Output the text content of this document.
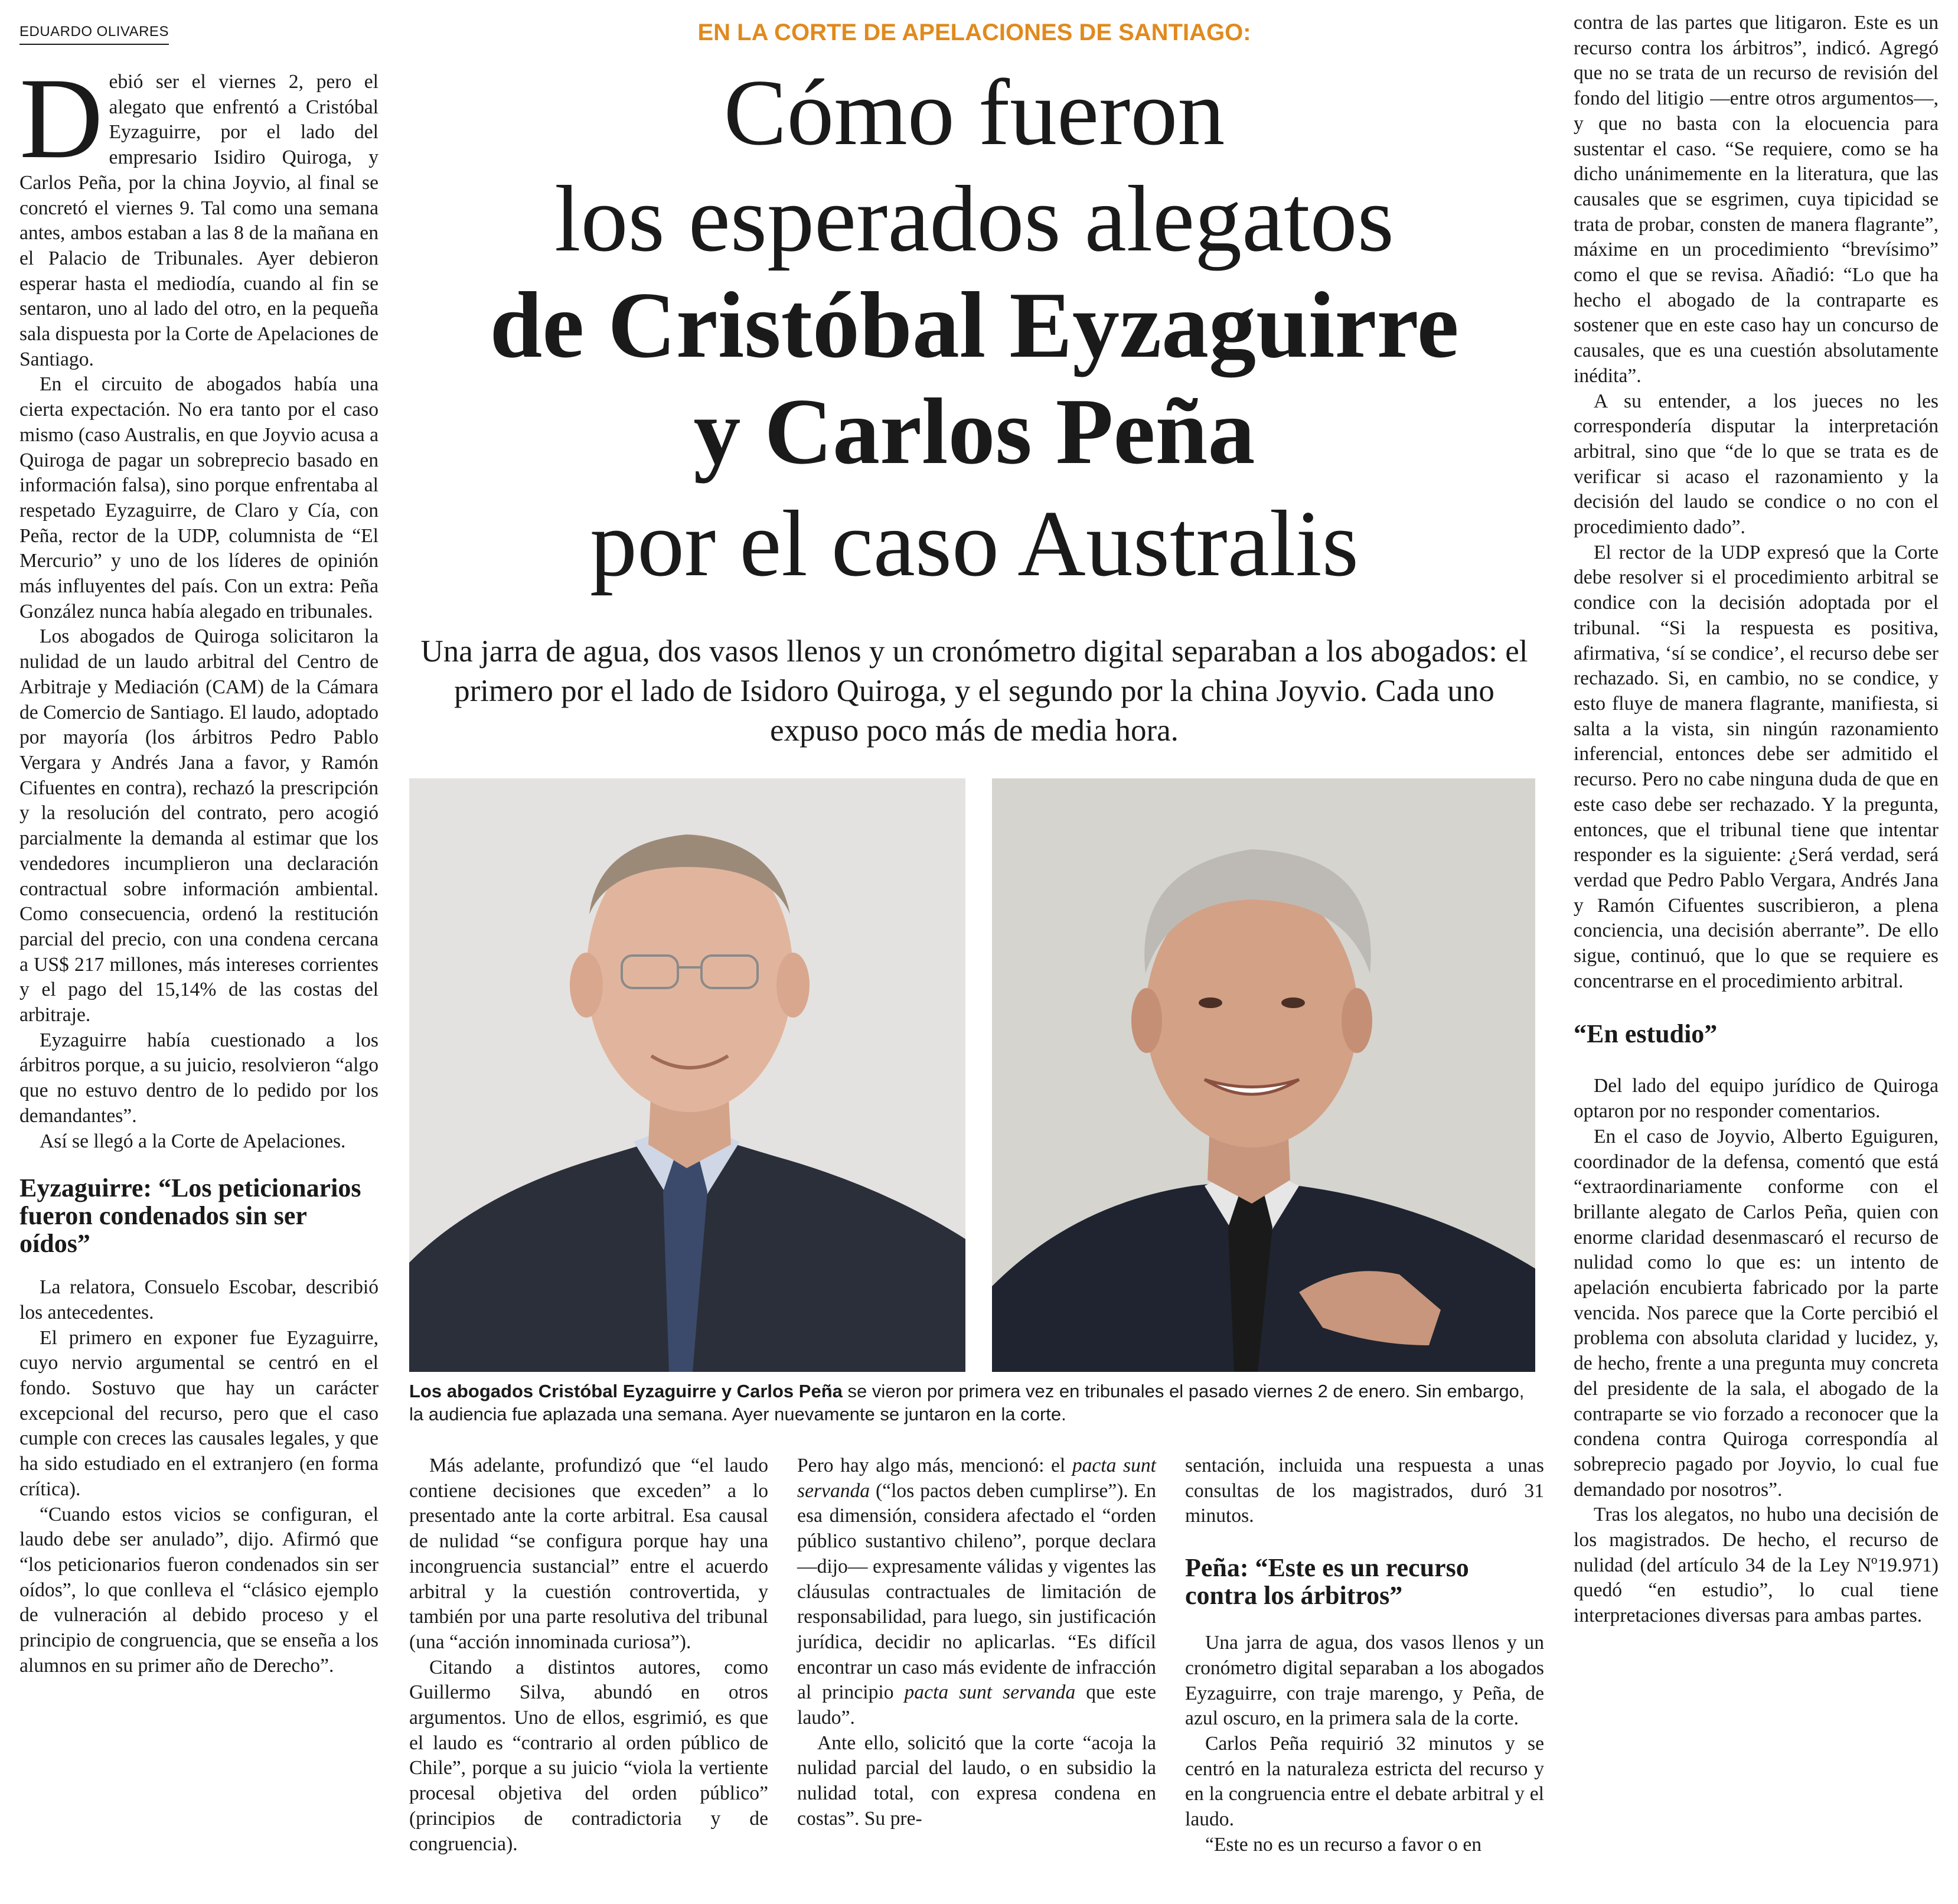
EDUARDO OLIVARES	EN LA CORTE DE APELACIONES DE SANTIAGO:
Cómo fueron
los esperados alegatos
de Cristóbal Eyzaguirre
y Carlos Peña
por el caso Australis

Una jarra de agua, dos vasos llenos y un cronómetro digital separaban a los abogados: el primero por el lado de Isidoro Quiroga, y el segundo por la china Joyvio. Cada uno expuso poco más de media hora.

Los abogados Cristóbal Eyzaguirre y Carlos Peña se vieron por primera vez en tribunales el pasado viernes 2 de enero. Sin embargo, la audiencia fue aplazada una semana. Ayer nuevamente se juntaron en la corte.

Debió ser el viernes 2, pero el alegato que enfrentó a Cristóbal Eyzaguirre, por el lado del empresario Isidiro Quiroga, y Carlos Peña, por la china Joyvio, al final se concretó el viernes 9. Tal como una semana antes, ambos estaban a las 8 de la mañana en el Palacio de Tribunales. Ayer debieron esperar hasta el mediodía, cuando al fin se sentaron, uno al lado del otro, en la pequeña sala dispuesta por la Corte de Apelaciones de Santiago.

En el circuito de abogados había una cierta expectación. No era tanto por el caso mismo (caso Australis, en que Joyvio acusa a Quiroga de pagar un sobreprecio basado en información falsa), sino porque enfrentaba al respetado Eyzaguirre, de Claro y Cía, con Peña, rector de la UDP, columnista de “El Mercurio” y uno de los líderes de opinión más influyentes del país. Con un extra: Peña González nunca había alegado en tribunales.

Los abogados de Quiroga solicitaron la nulidad de un laudo arbitral del Centro de Arbitraje y Mediación (CAM) de la Cámara de Comercio de Santiago. El laudo, adoptado por mayoría (los árbitros Pedro Pablo Vergara y Andrés Jana a favor, y Ramón Cifuentes en contra), rechazó la prescripción y la resolución del contrato, pero acogió parcialmente la demanda al estimar que los vendedores incumplieron una declaración contractual sobre información ambiental. Como consecuencia, ordenó la restitución parcial del precio, con una condena cercana a US$ 217 millones, más intereses corrientes y el pago del 15,14% de las costas del arbitraje.

Eyzaguirre había cuestionado a los árbitros porque, a su juicio, resolvieron “algo que no estuvo dentro de lo pedido por los demandantes”.

Así se llegó a la Corte de Apelaciones.

Eyzaguirre: “Los peticionarios fueron condenados sin ser oídos”

La relatora, Consuelo Escobar, describió los antecedentes.

El primero en exponer fue Eyzaguirre, cuyo nervio argumental se centró en el fondo. Sostuvo que hay un carácter excepcional del recurso, pero que el caso cumple con creces las causales legales, y que ha sido estudiado en el extranjero (en forma crítica).

“Cuando estos vicios se configuran, el laudo debe ser anulado”, dijo. Afirmó que “los peticionarios fueron condenados sin ser oídos”, lo que conlleva el “clásico ejemplo de vulneración al debido proceso y el principio de congruencia, que se enseña a los alumnos en su primer año de Derecho”.

Más adelante, profundizó que “el laudo contiene decisiones que exceden” a lo presentado ante la corte arbitral. Esa causal de nulidad “se configura porque hay una incongruencia sustancial” entre el acuerdo arbitral y la cuestión controvertida, y también por una parte resolutiva del tribunal (una “acción innominada curiosa”).

Citando a distintos autores, como Guillermo Silva, abundó en otros argumentos. Uno de ellos, esgrimió, es que el laudo es “contrario al orden público de Chile”, porque a su juicio “viola la vertiente procesal objetiva del orden público” (principios de contradictoria y de congruencia).

Pero hay algo más, mencionó: el pacta sunt servanda (“los pactos deben cumplirse”). En esa dimensión, considera afectado el “orden público sustantivo chileno”, porque declara —dijo— expresamente válidas y vigentes las cláusulas contractuales de limitación de responsabilidad, para luego, sin justificación jurídica, decidir no aplicarlas. “Es difícil encontrar un caso más evidente de infracción al principio pacta sunt servanda que este laudo”.

Ante ello, solicitó que la corte “acoja la nulidad parcial del laudo, o en subsidio la nulidad total, con expresa condena en costas”. Su pre-

sentación, incluida una respuesta a unas consultas de los magistrados, duró 31 minutos.

Peña: “Este es un recurso contra los árbitros”

Una jarra de agua, dos vasos llenos y un cronómetro digital separaban a los abogados Eyzaguirre, con traje marengo, y Peña, de azul oscuro, en la primera sala de la corte.

Carlos Peña requirió 32 minutos y se centró en la naturaleza estricta del recurso y en la congruencia entre el debate arbitral y el laudo.

“Este no es un recurso a favor o en

contra de las partes que litigaron. Este es un recurso contra los árbitros”, indicó. Agregó que no se trata de un recurso de revisión del fondo del litigio —entre otros argumentos—, y que no basta con la elocuencia para sustentar el caso. “Se requiere, como se ha dicho unánimemente en la literatura, que las causales que se esgrimen, cuya tipicidad se trata de probar, consten de manera flagrante”, máxime en un procedimiento “brevísimo” como el que se revisa. Añadió: “Lo que ha hecho el abogado de la contraparte es sostener que en este caso hay un concurso de causales, que es una cuestión absolutamente inédita”.

A su entender, a los jueces no les correspondería disputar la interpretación arbitral, sino que “de lo que se trata es de verificar si acaso el razonamiento y la decisión del laudo se condice o no con el procedimiento dado”.

El rector de la UDP expresó que la Corte debe resolver si el procedimiento arbitral se condice con la decisión adoptada por el tribunal. “Si la respuesta es positiva, afirmativa, ‘sí se condice’, el recurso debe ser rechazado. Si, en cambio, no se condice, y esto fluye de manera flagrante, manifiesta, si salta a la vista, sin ningún razonamiento inferencial, entonces debe ser admitido el recurso. Pero no cabe ninguna duda de que en este caso debe ser rechazado. Y la pregunta, entonces, que el tribunal tiene que intentar responder es la siguiente: ¿Será verdad, será verdad que Pedro Pablo Vergara, Andrés Jana y Ramón Cifuentes suscribieron, a plena conciencia, una decisión aberrante”. De ello sigue, continuó, que lo que se requiere es concentrarse en el procedimiento arbitral.

“En estudio”

Del lado del equipo jurídico de Quiroga optaron por no responder comentarios.

En el caso de Joyvio, Alberto Eguiguren, coordinador de la defensa, comentó que está “extraordinariamente conforme con el brillante alegato de Carlos Peña, quien con enorme claridad desenmascaró el recurso de nulidad como lo que es: un intento de apelación encubierta fabricado por la parte vencida. Nos parece que la Corte percibió el problema con absoluta claridad y lucidez, y, de hecho, frente a una pregunta muy concreta del presidente de la sala, el abogado de la contraparte se vio forzado a reconocer que la condena contra Quiroga correspondía al sobreprecio pagado por Joyvio, lo cual fue demandado por nosotros”.

Tras los alegatos, no hubo una decisión de los magistrados. De hecho, el recurso de nulidad (del artículo 34 de la Ley Nº19.971) quedó “en estudio”, lo cual tiene interpretaciones diversas para ambas partes.
